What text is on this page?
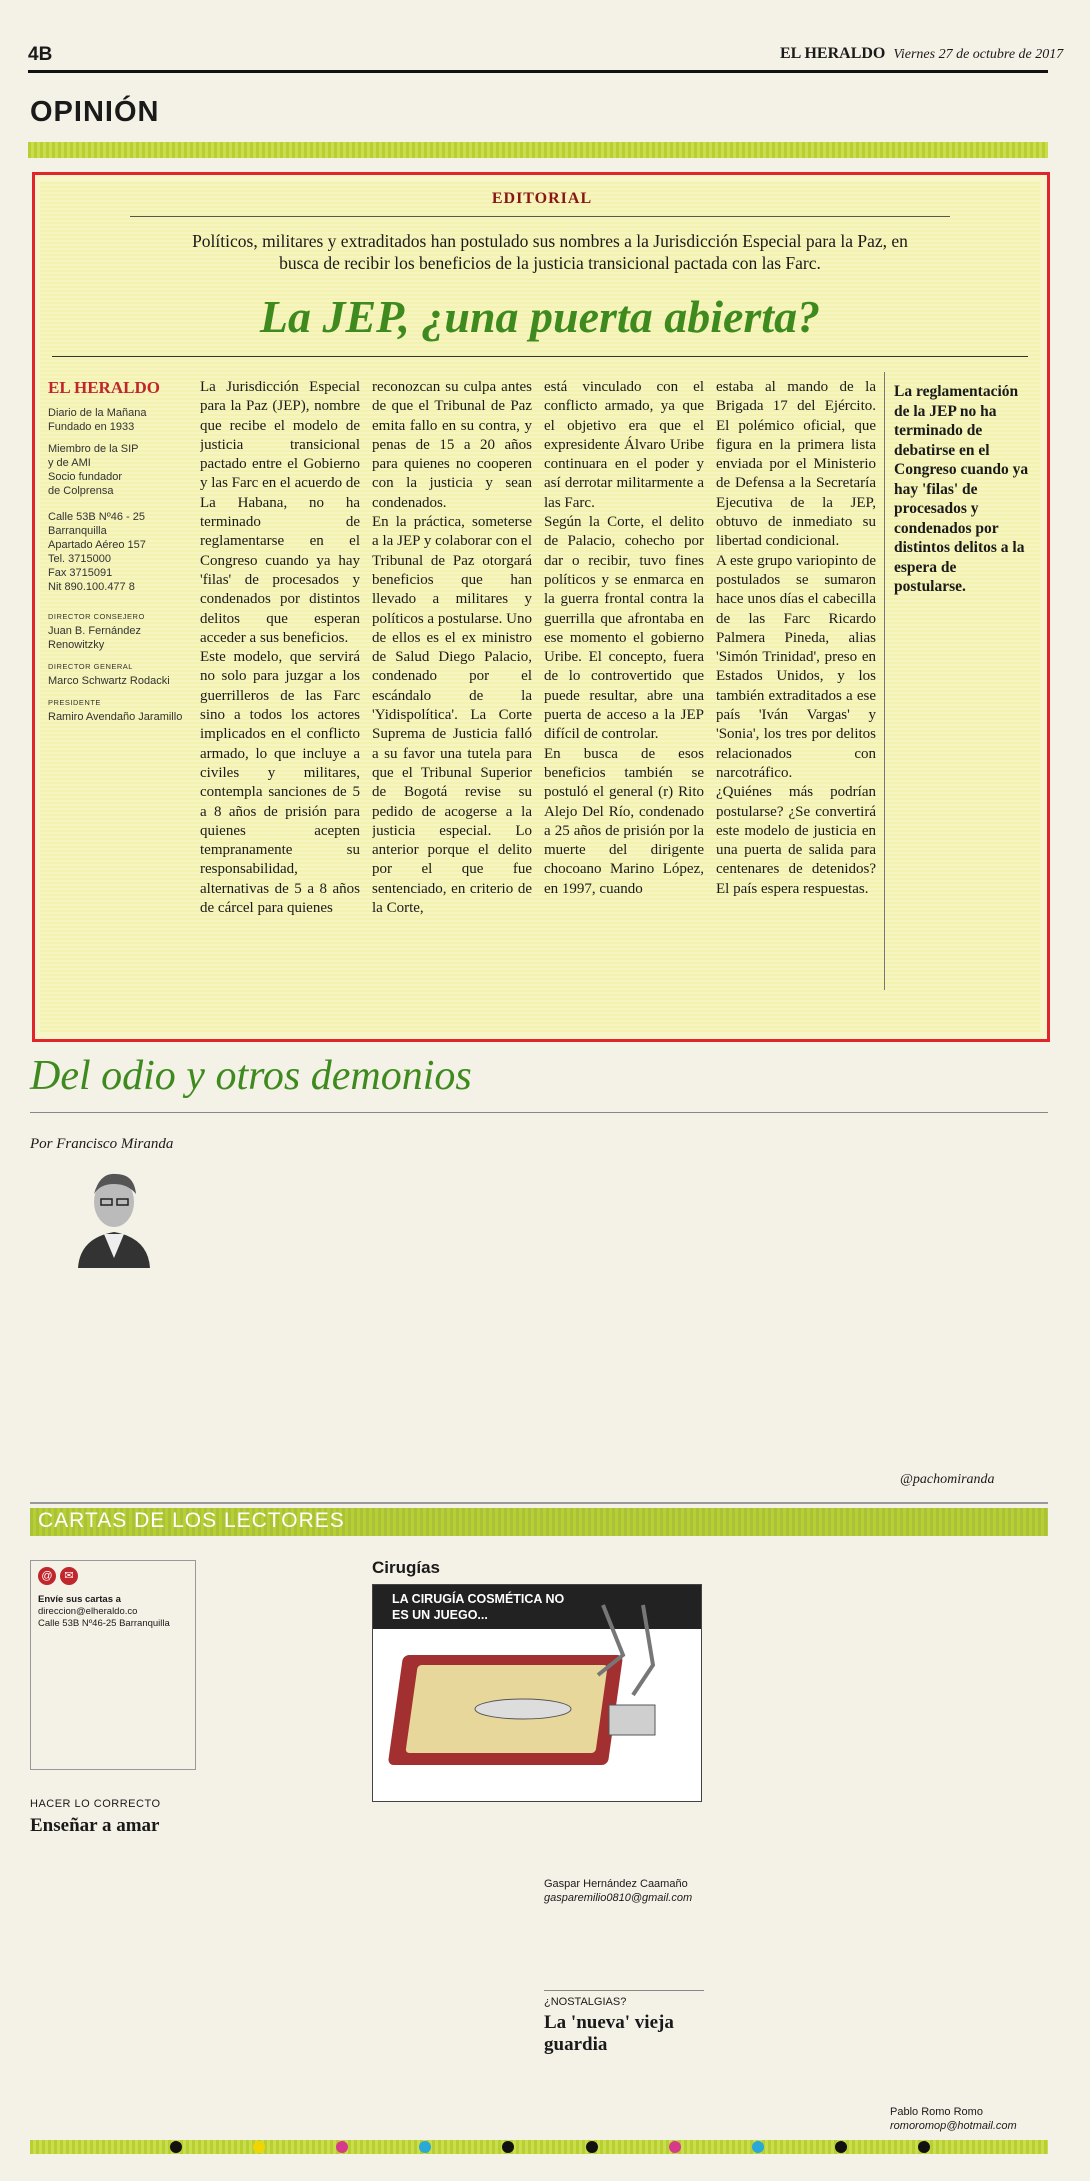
4B	EL HERALDO Viernes 27 de octubre de 2017
OPINIÓN
EDITORIAL
Políticos, militares y extraditados han postulado sus nombres a la Jurisdicción Especial para la Paz, en busca de recibir los beneficios de la justicia transicional pactada con las Farc.
La JEP, ¿una puerta abierta?
EL HERALDO
Diario de la Mañana
Fundado en 1933
Miembro de la SIP
y de AMI
Socio fundador
de Colprensa
Calle 53B Nº46 - 25
Barranquilla
Apartado Aéreo 157
Tel. 3715000
Fax 3715091
Nit 890.100.477 8
DIRECTOR CONSEJERO
Juan B. Fernández Renowitzky
DIRECTOR GENERAL
Marco Schwartz Rodacki
PRESIDENTE
Ramiro Avendaño Jaramillo
La Jurisdicción Especial para la Paz (JEP), nombre que recibe el modelo de justicia transicional pactado entre el Gobierno y las Farc en el acuerdo de La Habana, no ha terminado de reglamentarse en el Congreso cuando ya hay 'filas' de procesados y condenados por distintos delitos que esperan acceder a sus beneficios.
Este modelo, que servirá no solo para juzgar a los guerrilleros de las Farc sino a todos los actores implicados en el conflicto armado, lo que incluye a civiles y militares, contempla sanciones de 5 a 8 años de prisión para quienes acepten tempranamente su responsabilidad, alternativas de 5 a 8 años de cárcel para quienes
reconozcan su culpa antes de que el Tribunal de Paz emita fallo en su contra, y penas de 15 a 20 años para quienes no cooperen con la justicia y sean condenados.
En la práctica, someterse a la JEP y colaborar con el Tribunal de Paz otorgará beneficios que han llevado a militares y políticos a postularse. Uno de ellos es el ex ministro de Salud Diego Palacio, condenado por el escándalo de la 'Yidispolítica'. La Corte Suprema de Justicia falló a su favor una tutela para que el Tribunal Superior de Bogotá revise su pedido de acogerse a la justicia especial. Lo anterior porque el delito por el que fue sentenciado, en criterio de la Corte,
está vinculado con el conflicto armado, ya que el objetivo era que el expresidente Álvaro Uribe continuara en el poder y así derrotar militarmente a las Farc.
Según la Corte, el delito de Palacio, cohecho por dar o recibir, tuvo fines políticos y se enmarca en la guerra frontal contra la guerrilla que afrontaba en ese momento el gobierno Uribe. El concepto, fuera de lo controvertido que puede resultar, abre una puerta de acceso a la JEP difícil de controlar.
En busca de esos beneficios también se postuló el general (r) Rito Alejo Del Río, condenado a 25 años de prisión por la muerte del dirigente chocoano Marino López, en 1997, cuando
estaba al mando de la Brigada 17 del Ejército. El polémico oficial, que figura en la primera lista enviada por el Ministerio de Defensa a la Secretaría Ejecutiva de la JEP, obtuvo de inmediato su libertad condicional.
A este grupo variopinto de postulados se sumaron hace unos días el cabecilla de las Farc Ricardo Palmera Pineda, alias 'Simón Trinidad', preso en Estados Unidos, y los también extraditados a ese país 'Iván Vargas' y 'Sonia', los tres por delitos relacionados con narcotráfico.
¿Quiénes más podrían postularse? ¿Se convertirá este modelo de justicia en una puerta de salida para centenares de detenidos? El país espera respuestas.
La reglamentación de la JEP no ha terminado de debatirse en el Congreso cuando ya hay 'filas' de procesados y condenados por distintos delitos a la espera de postularse.
Del odio y otros demonios
Por Francisco Miranda
@pachomiranda
CARTAS DE LOS LECTORES
@ ✉
Envíe sus cartas a
direccion@elheraldo.co
Calle 53B Nº46-25 Barranquilla
HACER LO CORRECTO
Enseñar a amar
Cirugías
LA CIRUGÍA COSMÉTICA NO ES UN JUEGO...
Gaspar Hernández Caamaño
gasparemilio0810@gmail.com
¿NOSTALGIAS?
La 'nueva' vieja guardia
Pablo Romo Romo
romoromop@hotmail.com
